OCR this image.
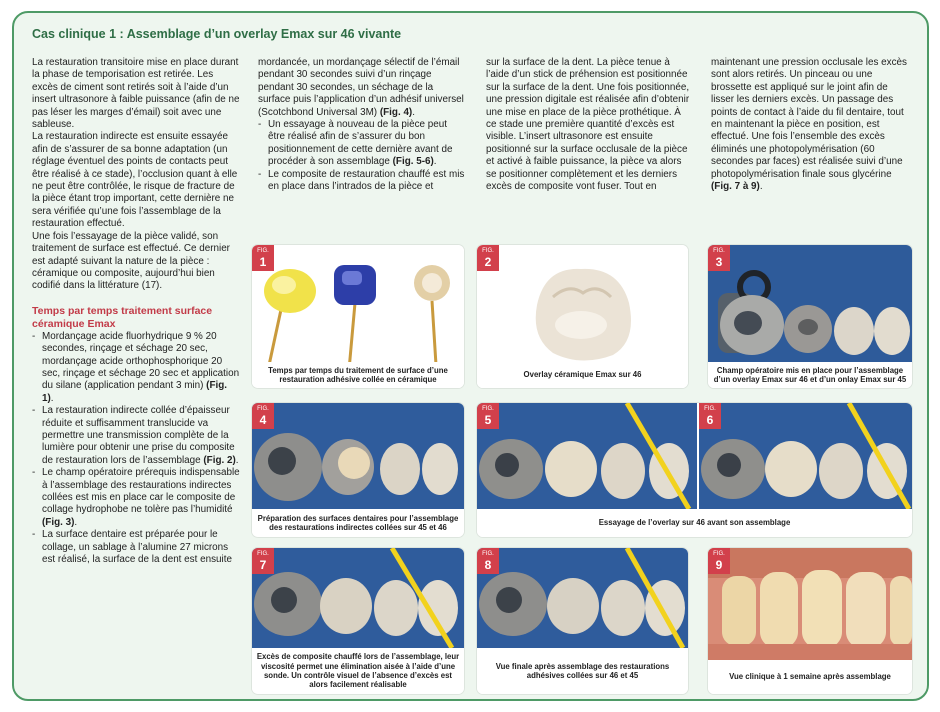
Cas clinique 1 : Assemblage d’un overlay Emax sur 46 vivante

La restauration transitoire mise en place durant la phase de temporisation est retirée. Les excès de ciment sont retirés soit à l’aide d’un insert ultrasonore à faible puissance (afin de ne pas léser les marges d’émail) soit avec une sableuse.

La restauration indirecte est ensuite essayée afin de s’assurer de sa bonne adaptation (un réglage éventuel des points de contacts peut être réalisé à ce stade), l’occlusion quant à elle ne peut être contrôlée, le risque de fracture de la pièce étant trop important, cette dernière ne sera vérifiée qu’une fois l’assemblage de la restauration effectué.

Une fois l’essayage de la pièce validé, son traitement de surface est effectué. Ce dernier est adapté suivant la nature de la pièce : céramique ou composite, aujourd’hui bien codifié dans la littérature (17).

Temps par temps traitement surface céramique Emax

- Mordançage acide fluorhydrique 9 % 20 secondes, rinçage et séchage 20 sec, mordançage acide orthophosphorique 20 sec, rinçage et séchage 20 sec et application du silane (application pendant 3 min) (Fig. 1).
- La restauration indirecte collée d’épaisseur réduite et suffisamment translucide va permettre une transmission complète de la lumière pour obtenir une prise du composite de restauration lors de l’assemblage (Fig. 2).
- Le champ opératoire prérequis indispensable à l’assemblage des restaurations indirectes collées est mis en place car le composite de collage hydrophobe ne tolère pas l’humidité (Fig. 3).
- La surface dentaire est préparée pour le collage, un sablage à l’alumine 27 microns est réalisé, la surface de la dent est ensuite

mordancée, un mordançage sélectif de l’émail pendant 30 secondes suivi d’un rinçage pendant 30 secondes, un séchage de la surface puis l’application d’un adhésif universel (Scotchbond Universal 3M) (Fig. 4).

- Un essayage à nouveau de la pièce peut être réalisé afin de s’assurer du bon positionnement de cette dernière avant de procéder à son assemblage (Fig. 5-6).
- Le composite de restauration chauffé est mis en place dans l’intrados de la pièce et

sur la surface de la dent. La pièce tenue à l’aide d’un stick de préhension est positionnée sur la surface de la dent. Une fois positionnée, une pression digitale est réalisée afin d’obtenir une mise en place de la pièce prothétique. À ce stade une première quantité d’excès est visible. L’insert ultrasonore est ensuite positionné sur la surface occlusale de la pièce et activé à faible puissance, la pièce va alors se positionner complètement et les derniers excès de composite vont fuser. Tout en

maintenant une pression occlusale les excès sont alors retirés. Un pinceau ou une brossette est appliqué sur le joint afin de lisser les derniers excès. Un passage des points de contact à l’aide du fil dentaire, tout en maintenant la pièce en position, est effectué. Une fois l’ensemble des excès éliminés une photopolymérisation (60 secondes par faces) est réalisée suivi d’une photopolymérisation finale sous glycérine (Fig. 7 à 9).

FIG.
1
Temps par temps du traitement de surface d’une restauration adhésive collée en céramique
FIG.
2
Overlay céramique Emax sur 46
FIG.
3
Champ opératoire mis en place pour l’assemblage d’un overlay Emax sur 46 et d’un onlay Emax sur 45
FIG.
4
Préparation des surfaces dentaires pour l’assemblage des restaurations indirectes collées sur 45 et 46
FIG.
5
FIG.
6
Essayage de l’overlay sur 46 avant son assemblage
FIG.
7
Excès de composite chauffé lors de l’assemblage, leur viscosité permet une élimination aisée à l’aide d’une sonde. Un contrôle visuel de l’absence d’excès est alors facilement réalisable
FIG.
8
Vue finale après assemblage des restaurations adhésives collées sur 46 et 45
FIG.
9
Vue clinique à 1 semaine après assemblage
